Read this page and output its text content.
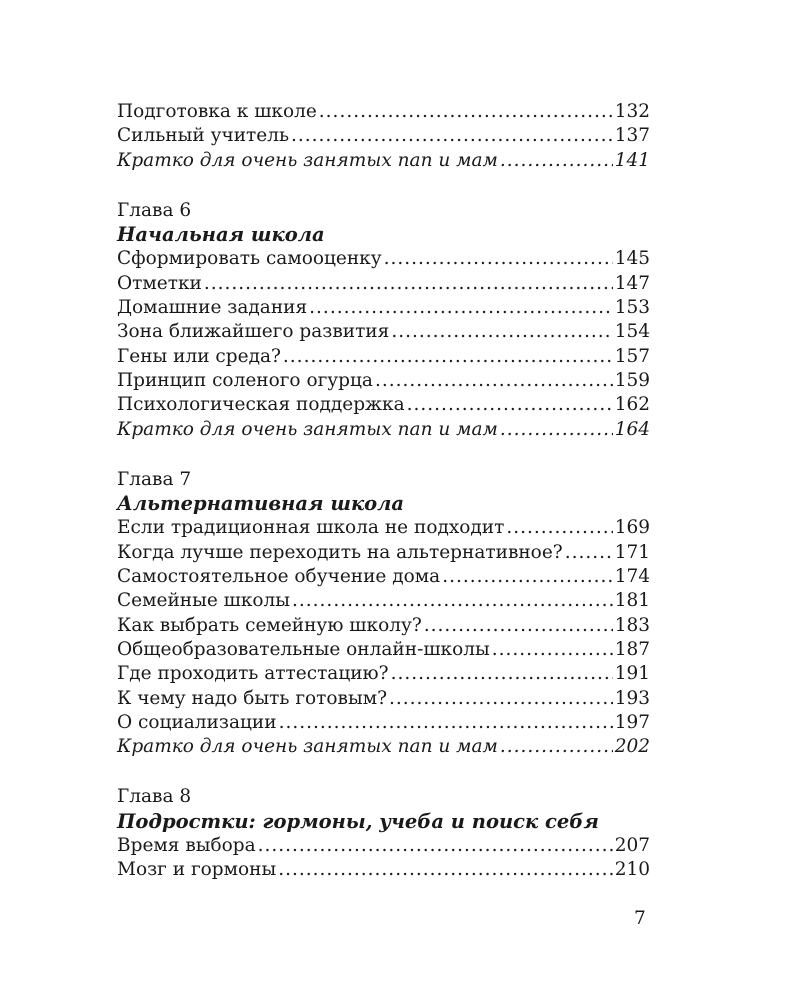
Подготовка к школе .....	132
Сильный учитель .....	137
Кратко для очень занятых пап и мам .....	141
Глава 6
Начальная школа
Сформировать самооценку .....	145
Отметки .....	147
Домашние задания .....	153
Зона ближайшего развития .....	154
Гены или среда? .....	157
Принцип соленого огурца .....	159
Психологическая поддержка .....	162
Кратко для очень занятых пап и мам .....	164
Глава 7
Альтернативная школа
Если традиционная школа не подходит .....	169
Когда лучше переходить на альтернативное? .....	171
Самостоятельное обучение дома .....	174
Семейные школы .....	181
Как выбрать семейную школу? .....	183
Общеобразовательные онлайн-школы .....	187
Где проходить аттестацию? .....	191
К чему надо быть готовым? .....	193
О социализации .....	197
Кратко для очень занятых пап и мам .....	202
Глава 8
Подростки: гормоны, учеба и поиск себя
Время выбора .....	207
Мозг и гормоны .....	210
7
